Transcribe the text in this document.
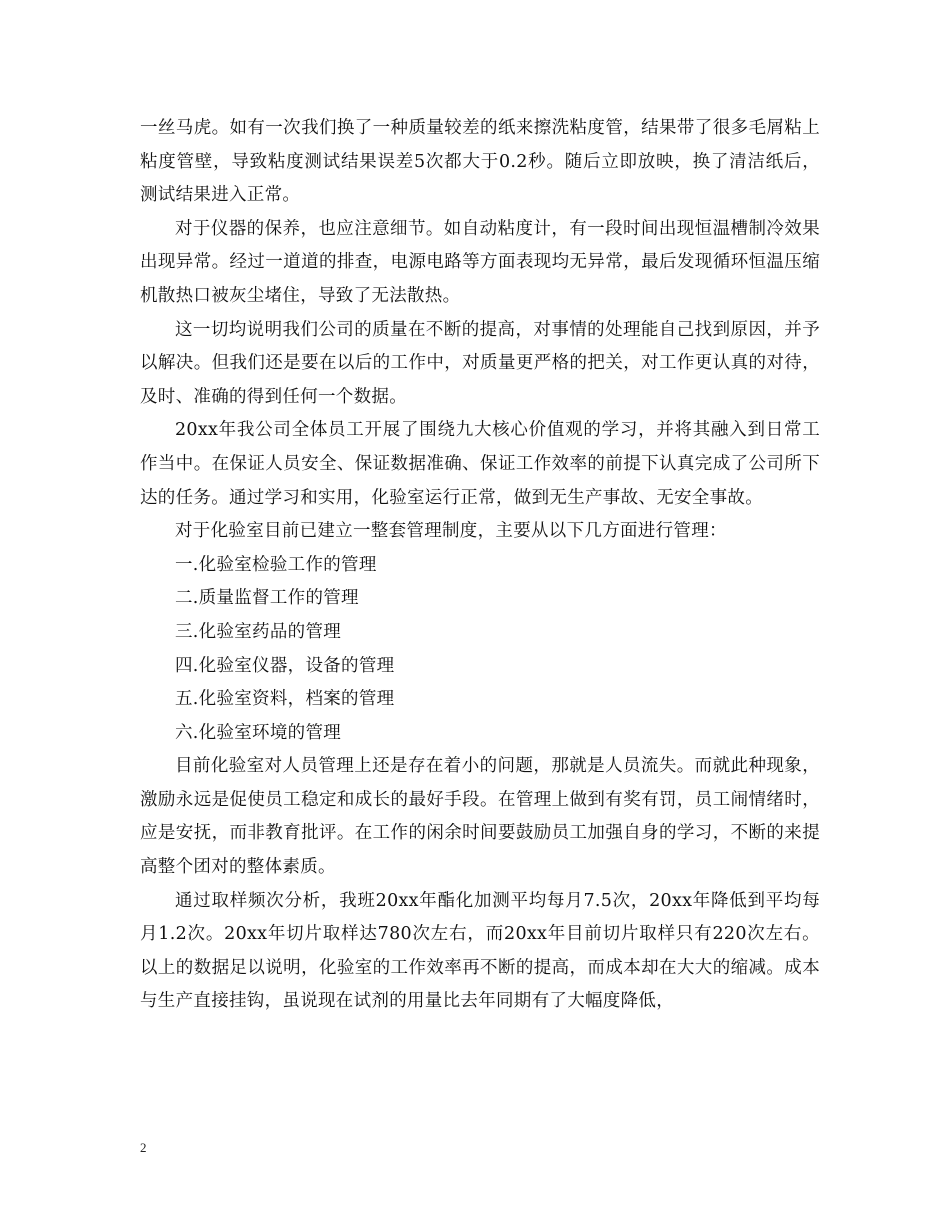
一丝马虎。如有一次我们换了一种质量较差的纸来擦洗粘度管，结果带了很多毛屑粘上粘度管壁，导致粘度测试结果误差5次都大于0.2秒。随后立即放映，换了清洁纸后，测试结果进入正常。

对于仪器的保养，也应注意细节。如自动粘度计，有一段时间出现恒温槽制冷效果出现异常。经过一道道的排查，电源电路等方面表现均无异常，最后发现循环恒温压缩机散热口被灰尘堵住，导致了无法散热。

这一切均说明我们公司的质量在不断的提高，对事情的处理能自己找到原因，并予以解决。但我们还是要在以后的工作中，对质量更严格的把关，对工作更认真的对待，及时、准确的得到任何一个数据。

20xx年我公司全体员工开展了围绕九大核心价值观的学习，并将其融入到日常工作当中。在保证人员安全、保证数据准确、保证工作效率的前提下认真完成了公司所下达的任务。通过学习和实用，化验室运行正常，做到无生产事故、无安全事故。

对于化验室目前已建立一整套管理制度，主要从以下几方面进行管理：

一.化验室检验工作的管理

二.质量监督工作的管理

三.化验室药品的管理

四.化验室仪器，设备的管理

五.化验室资料，档案的管理

六.化验室环境的管理

目前化验室对人员管理上还是存在着小的问题，那就是人员流失。而就此种现象，激励永远是促使员工稳定和成长的最好手段。在管理上做到有奖有罚，员工闹情绪时，应是安抚，而非教育批评。在工作的闲余时间要鼓励员工加强自身的学习，不断的来提高整个团对的整体素质。

通过取样频次分析，我班20xx年酯化加测平均每月7.5次，20xx年降低到平均每月1.2次。20xx年切片取样达780次左右，而20xx年目前切片取样只有220次左右。以上的数据足以说明，化验室的工作效率再不断的提高，而成本却在大大的缩减。成本与生产直接挂钩，虽说现在试剂的用量比去年同期有了大幅度降低，

2
